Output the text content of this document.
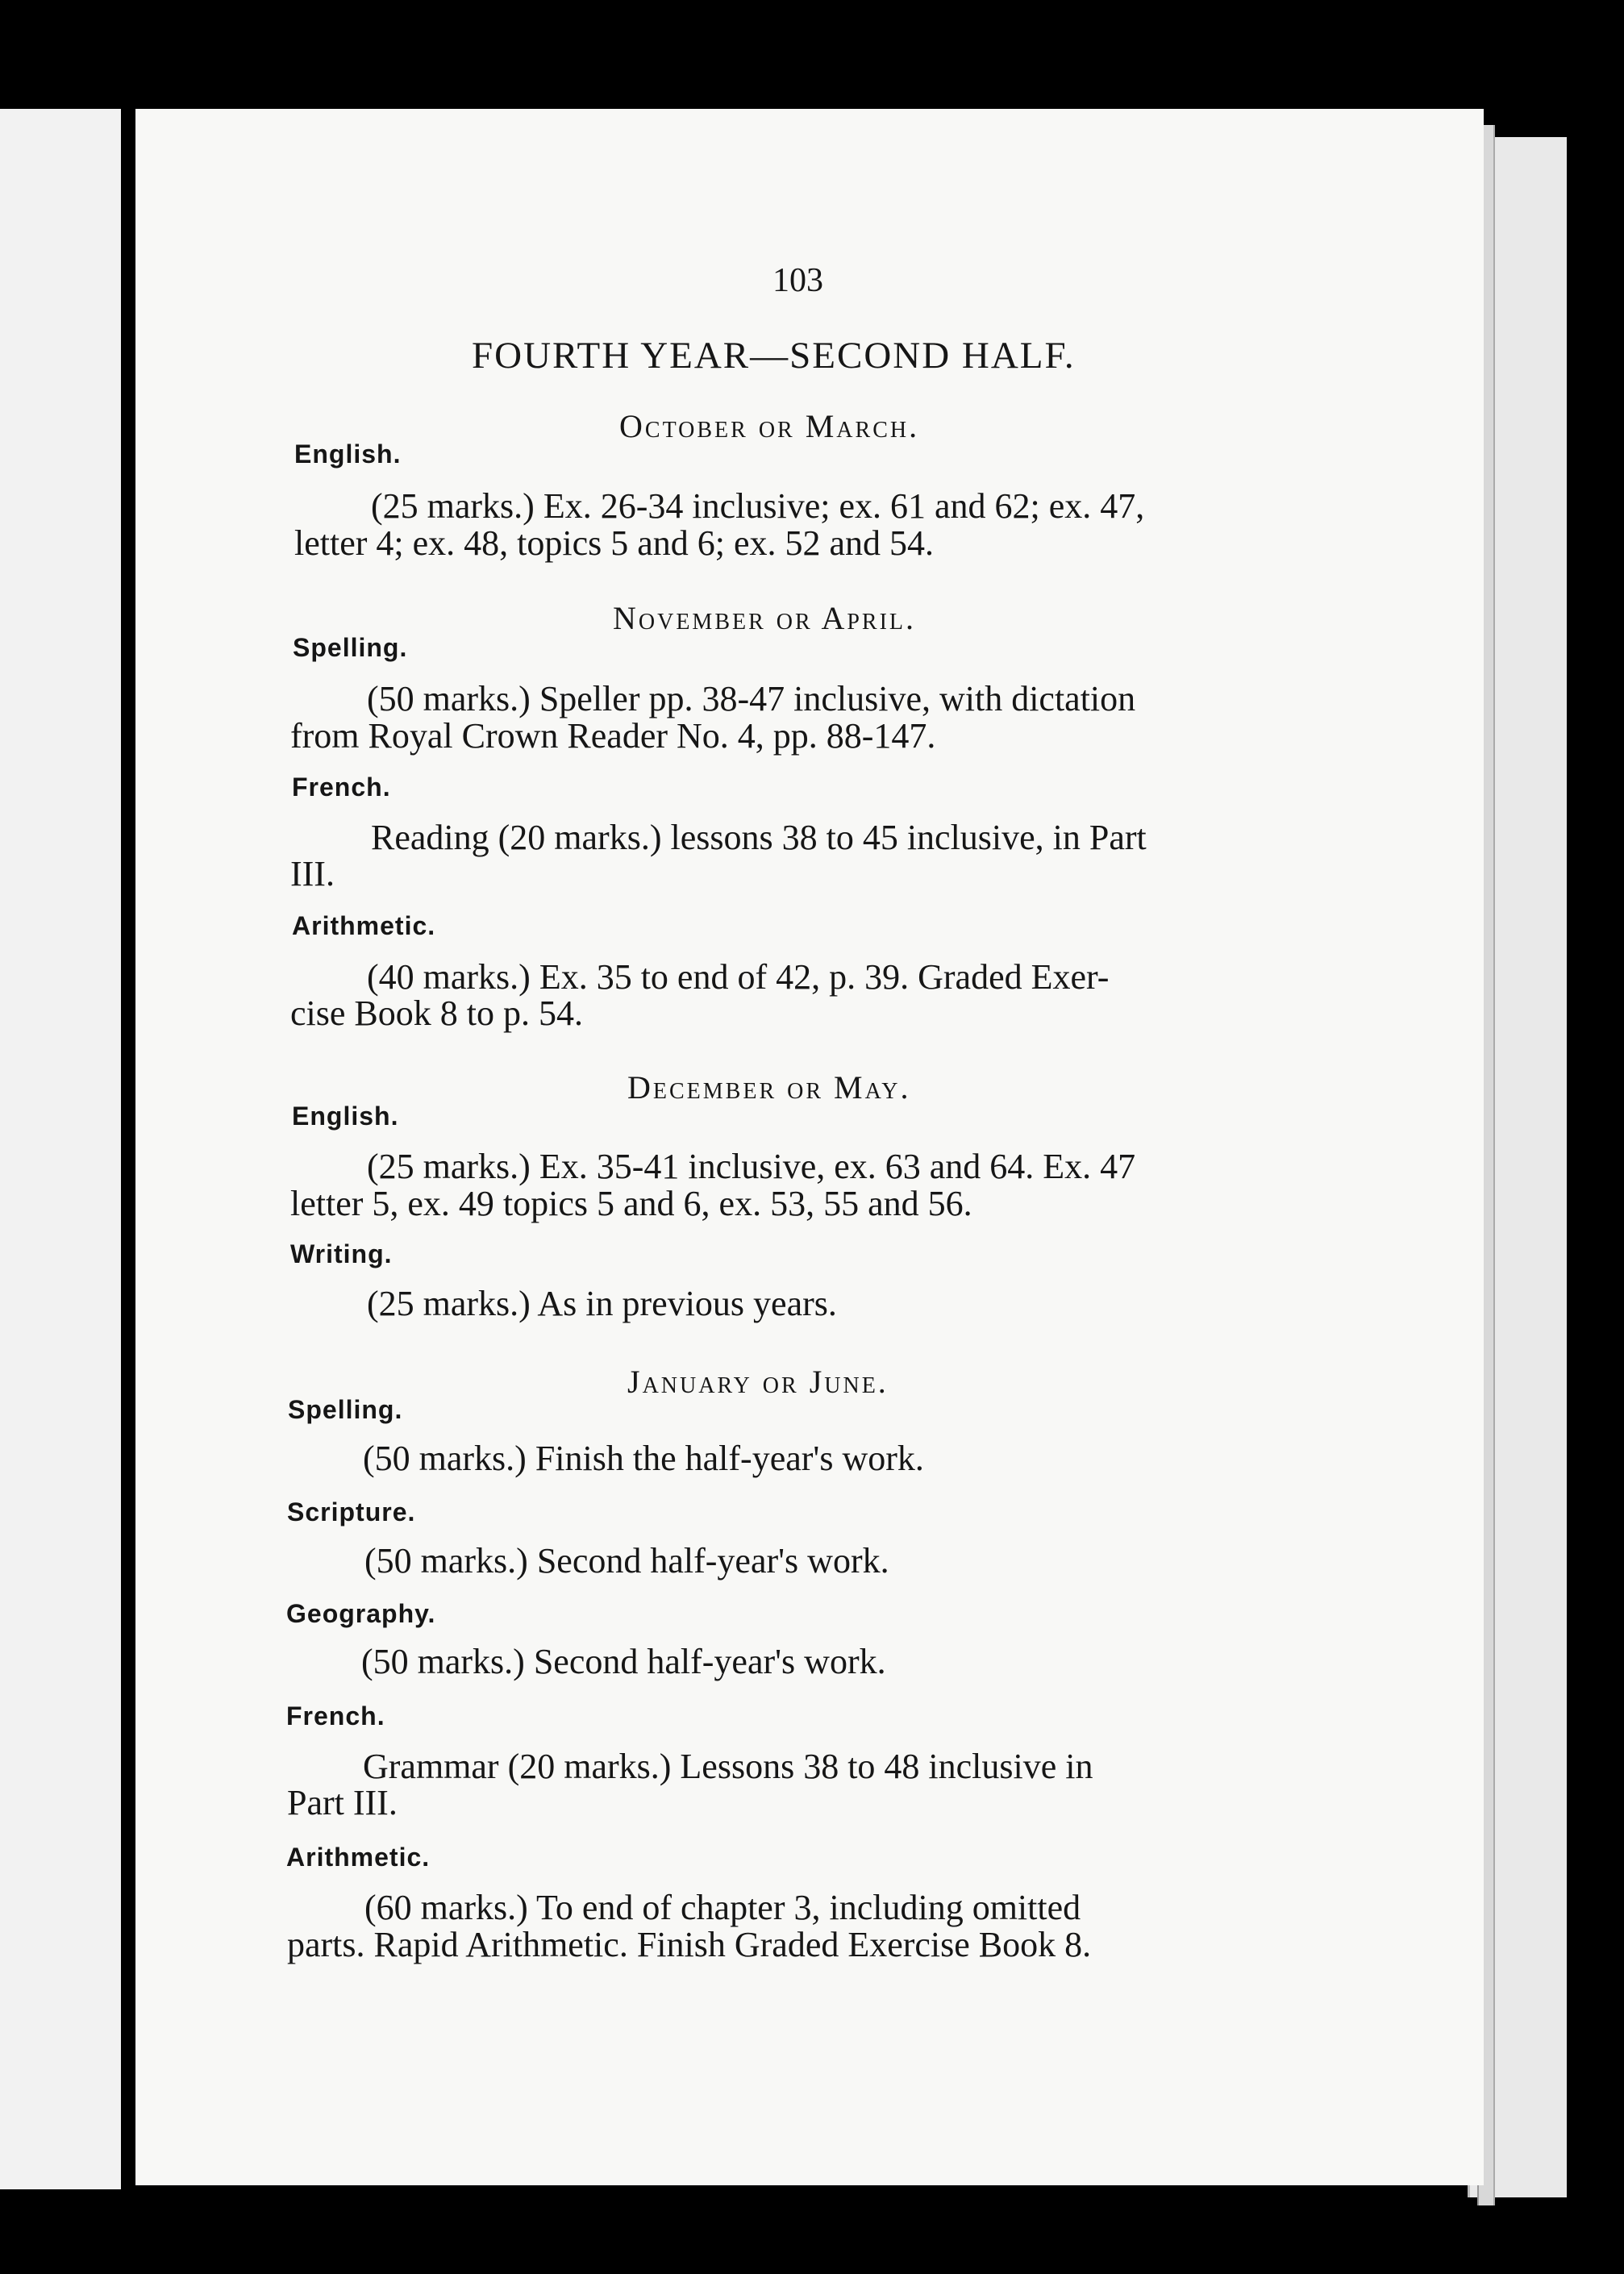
103
FOURTH YEAR—SECOND HALF.
October or March.
English.
(25 marks.) Ex. 26-34 inclusive; ex. 61 and 62; ex. 47,
letter 4; ex. 48, topics 5 and 6; ex. 52 and 54.
November or April.
Spelling.
(50 marks.) Speller pp. 38-47 inclusive, with dictation
from Royal Crown Reader No. 4, pp. 88-147.
French.
Reading (20 marks.) lessons 38 to 45 inclusive, in Part
III.
Arithmetic.
(40 marks.) Ex. 35 to end of 42, p. 39. Graded Exer-
cise Book 8 to p. 54.
December or May.
English.
(25 marks.) Ex. 35-41 inclusive, ex. 63 and 64. Ex. 47
letter 5, ex. 49 topics 5 and 6, ex. 53, 55 and 56.
Writing.
(25 marks.) As in previous years.
January or June.
Spelling.
(50 marks.) Finish the half-year's work.
Scripture.
(50 marks.) Second half-year's work.
Geography.
(50 marks.) Second half-year's work.
French.
Grammar (20 marks.) Lessons 38 to 48 inclusive in
Part III.
Arithmetic.
(60 marks.) To end of chapter 3, including omitted
parts. Rapid Arithmetic. Finish Graded Exercise Book 8.
